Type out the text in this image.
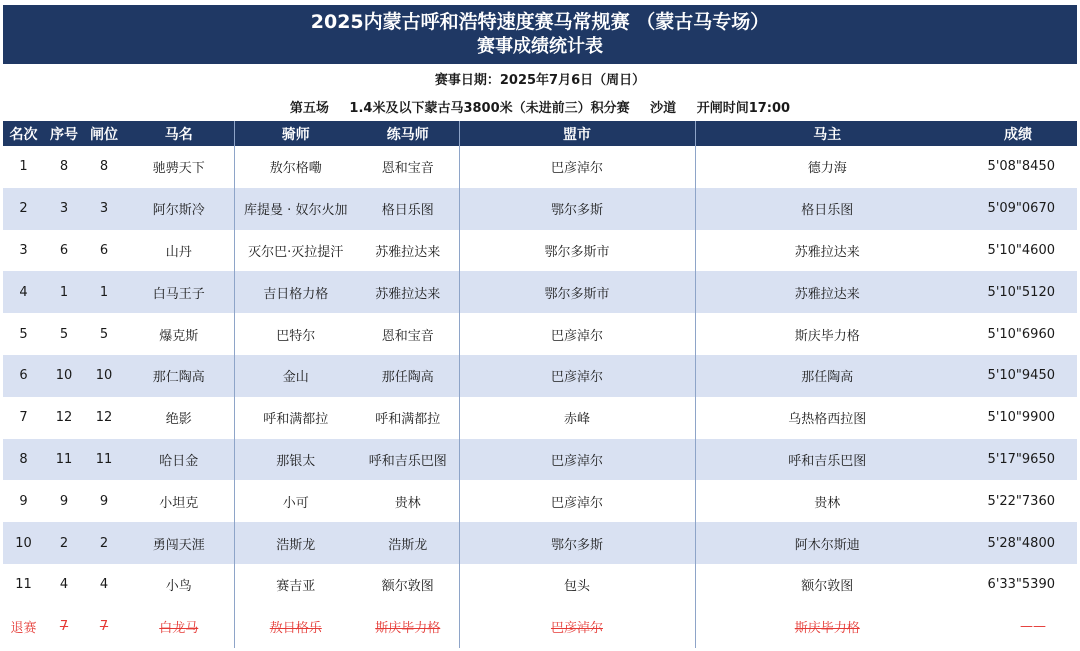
2025内蒙古呼和浩特速度赛马常规赛 （蒙古马专场）
赛事成绩统计表
赛事日期：2025年7月6日（周日）
第五场 1.4米及以下蒙古马3800米（未进前三）积分赛 沙道 开闸时间17:00
名次	序号	闸位	马名	骑师	练马师	盟市	马主	成绩
1	8	8	驰骋天下	敖尔格嘞	恩和宝音	巴彦淖尔	德力海	5'08"8450
2	3	3	阿尔斯冷	库提曼 · 奴尔火加	格日乐图	鄂尔多斯	格日乐图	5'09"0670
3	6	6	山丹	灭尔巴·灭拉提汗	苏雅拉达来	鄂尔多斯市	苏雅拉达来	5'10"4600
4	1	1	白马王子	吉日格力格	苏雅拉达来	鄂尔多斯市	苏雅拉达来	5'10"5120
5	5	5	爆克斯	巴特尔	恩和宝音	巴彦淖尔	斯庆毕力格	5'10"6960
6	10	10	那仁陶高	金山	那任陶高	巴彦淖尔	那任陶高	5'10"9450
7	12	12	绝影	呼和满都拉	呼和满都拉	赤峰	乌热格西拉图	5'10"9900
8	11	11	哈日金	那银太	呼和吉乐巴图	巴彦淖尔	呼和吉乐巴图	5'17"9650
9	9	9	小坦克	小可	贵林	巴彦淖尔	贵林	5'22"7360
10	2	2	勇闯天涯	浩斯龙	浩斯龙	鄂尔多斯	阿木尔斯迪	5'28"4800
11	4	4	小鸟	赛吉亚	额尔敦图	包头	额尔敦图	6'33"5390
退赛	7	7	白龙马	敖日格乐	斯庆毕力格	巴彦淖尔	斯庆毕力格	——
